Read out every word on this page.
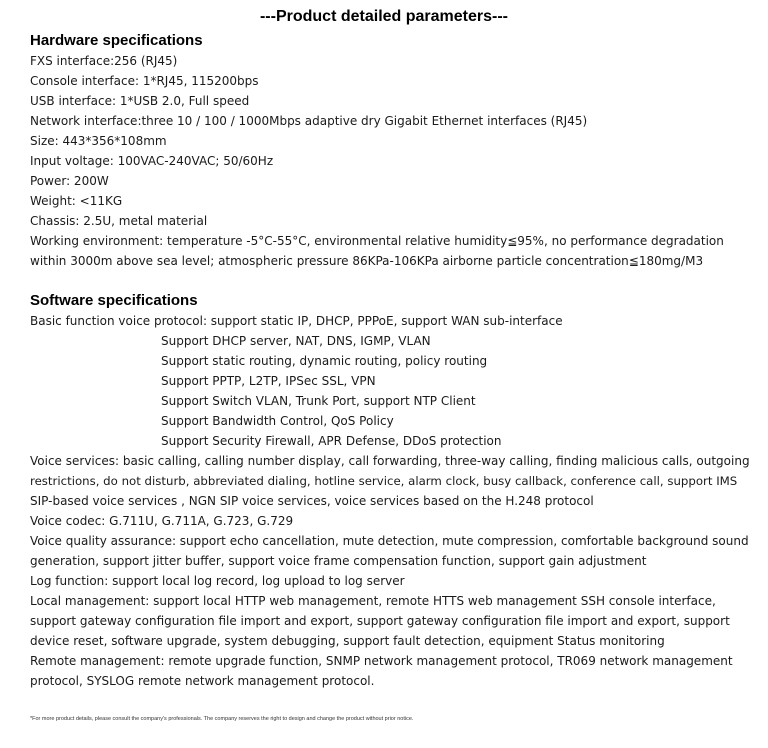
---Product detailed parameters---
Hardware specifications
FXS interface:256 (RJ45)
Console interface: 1*RJ45, 115200bps
USB interface: 1*USB 2.0, Full speed
Network interface:three 10 / 100 / 1000Mbps adaptive dry Gigabit Ethernet interfaces (RJ45)
Size: 443*356*108mm
Input voltage: 100VAC-240VAC; 50/60Hz
Power: 200W
Weight: <11KG
Chassis: 2.5U, metal material
Working environment: temperature -5°C-55°C, environmental relative humidity≦95%, no performance degradation
within 3000m above sea level; atmospheric pressure 86KPa-106KPa airborne particle concentration≦180mg/M3
Software specifications
Basic function voice protocol: support static IP, DHCP, PPPoE, support WAN sub-interface
Support DHCP server, NAT, DNS, IGMP, VLAN
Support static routing, dynamic routing, policy routing
Support PPTP, L2TP, IPSec SSL, VPN
Support Switch VLAN, Trunk Port, support NTP Client
Support Bandwidth Control, QoS Policy
Support Security Firewall, APR Defense, DDoS protection
Voice services: basic calling, calling number display, call forwarding, three-way calling, finding malicious calls, outgoing
restrictions, do not disturb, abbreviated dialing, hotline service, alarm clock, busy callback, conference call, support IMS
SIP-based voice services , NGN SIP voice services, voice services based on the H.248 protocol
Voice codec: G.711U, G.711A, G.723, G.729
Voice quality assurance: support echo cancellation, mute detection, mute compression, comfortable background sound
generation, support jitter buffer, support voice frame compensation function, support gain adjustment
Log function: support local log record, log upload to log server
Local management: support local HTTP web management, remote HTTS web management SSH console interface,
support gateway configuration file import and export, support gateway configuration file import and export, support
device reset, software upgrade, system debugging, support fault detection, equipment Status monitoring
Remote management: remote upgrade function, SNMP network management protocol, TR069 network management
protocol, SYSLOG remote network management protocol.
*For more product details, please consult the company's professionals. The company reserves the right to design and change the product without prior notice.
